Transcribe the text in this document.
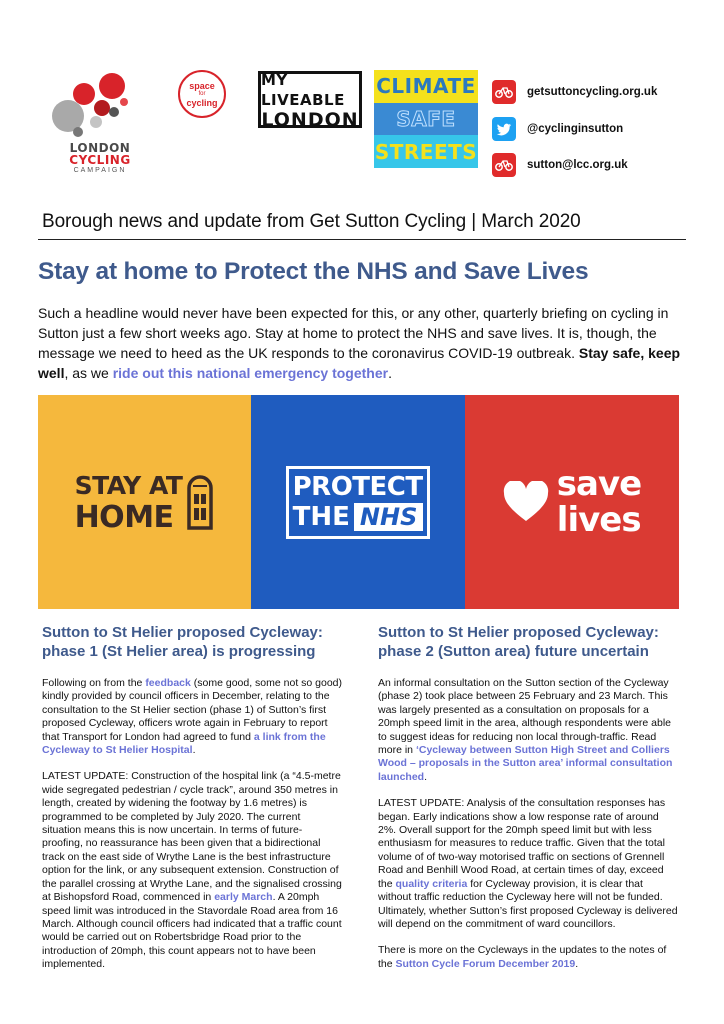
LONDON
CYCLING
CAMPAIGN
space
for
cycling
MY LIVEABLE
LONDON
CLIMATE
SAFE
STREETS
getsuttoncycling.org.uk
@cyclinginsutton
sutton@lcc.org.uk
Borough news and update from Get Sutton Cycling | March 2020
Stay at home to Protect the NHS and Save Lives

Such a headline would never have been expected for this, or any other, quarterly briefing on cycling in Sutton just a few short weeks ago. Stay at home to protect the NHS and save lives. It is, though, the message we need to heed as the UK responds to the coronavirus COVID-19 outbreak. Stay safe, keep well, as we ride out this national emergency together.

STAY AT
HOME
PROTECT
THE NHS
save
lives
Sutton to St Helier proposed Cycleway: phase 1 (St Helier area) is progressing

Following on from the feedback (some good, some not so good) kindly provided by council officers in December, relating to the consultation to the St Helier section (phase 1) of Sutton’s first proposed Cycleway, officers wrote again in February to report that Transport for London had agreed to fund a link from the Cycleway to St Helier Hospital.

LATEST UPDATE: Construction of the hospital link (a “4.5-metre wide segregated pedestrian / cycle track”, around 350 metres in length, created by widening the footway by 1.6 metres) is programmed to be completed by July 2020. The current situation means this is now uncertain. In terms of future-proofing, no reassurance has been given that a bidirectional track on the east side of Wrythe Lane is the best infrastructure option for the link, or any subsequent extension. Construction of the parallel crossing at Wrythe Lane, and the signalised crossing at Bishopsford Road, commenced in early March. A 20mph speed limit was introduced in the Stavordale Road area from 16 March. Although council officers had indicated that a traffic count would be carried out on Robertsbridge Road prior to the introduction of 20mph, this count appears not to have been implemented.

Sutton to St Helier proposed Cycleway: phase 2 (Sutton area) future uncertain

An informal consultation on the Sutton section of the Cycleway (phase 2) took place between 25 February and 23 March. This was largely presented as a consultation on proposals for a 20mph speed limit in the area, although respondents were able to suggest ideas for reducing non local through-traffic. Read more in ‘Cycleway between Sutton High Street and Colliers Wood – proposals in the Sutton area’ informal consultation launched.

LATEST UPDATE: Analysis of the consultation responses has began. Early indications show a low response rate of around 2%. Overall support for the 20mph speed limit but with less enthusiasm for measures to reduce traffic. Given that the total volume of of two-way motorised traffic on sections of Grennell Road and Benhill Wood Road, at certain times of day, exceed the quality criteria for Cycleway provision, it is clear that without traffic reduction the Cycleway here will not be funded. Ultimately, whether Sutton’s first proposed Cycleway is delivered will depend on the commitment of ward councillors.

There is more on the Cycleways in the updates to the notes of the Sutton Cycle Forum December 2019.
